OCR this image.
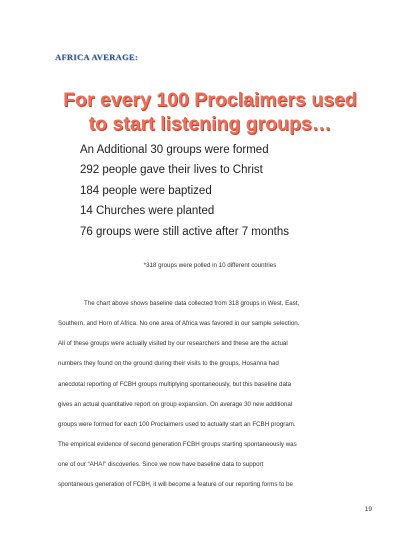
AFRICA AVERAGE:
For every 100 Proclaimers used
to start listening groups…
An Additional 30 groups were formed
292 people gave their lives to Christ
184 people were baptized
14 Churches were planted
76 groups were still active after 7 months
*318 groups were polled in 10 different countries
The chart above shows baseline data collected from 318 groups in West, East,
Southern, and Horn of Africa. No one area of Africa was favored in our sample selection.
All of these groups were actually visited by our researchers and these are the actual
numbers they found on the ground during their visits to the groups. Hosanna had
anecdotal reporting of FCBH groups multiplying spontaneously, but this baseline data
gives an actual quantitative report on group expansion. On average 30 new additional
groups were formed for each 100 Proclaimers used to actually start an FCBH program.
The empirical evidence of second generation FCBH groups starting spontaneously was
one of our “AHA!” discoveries. Since we now have baseline data to support
spontaneous generation of FCBH, it will become a feature of our reporting forms to be
19
